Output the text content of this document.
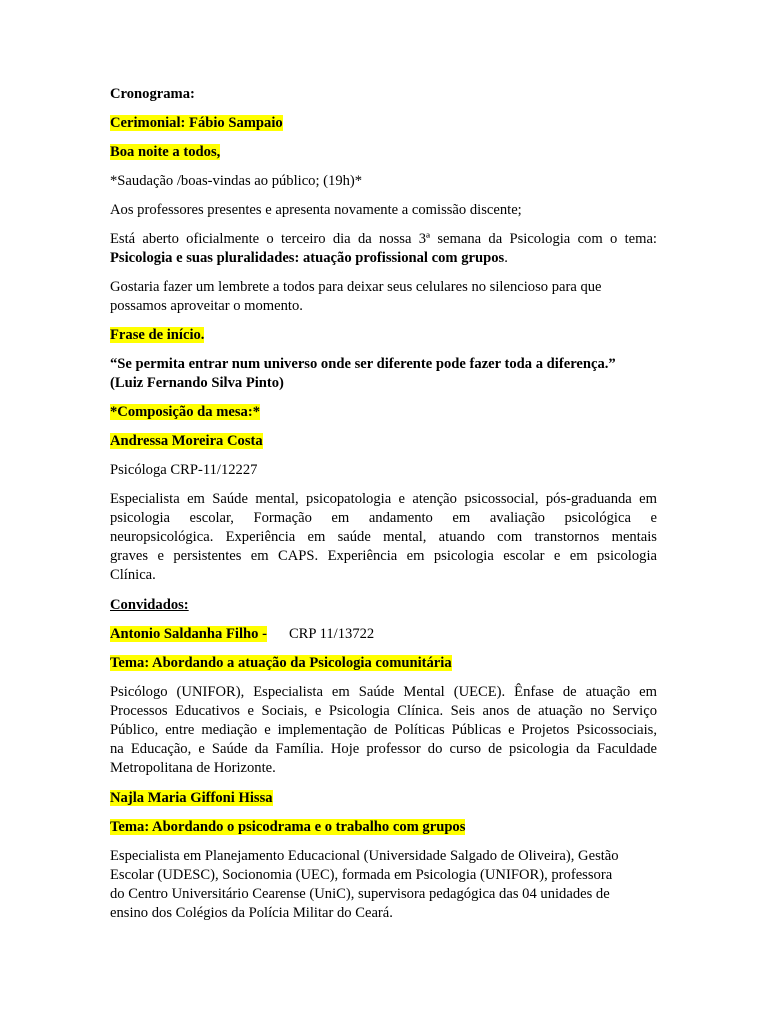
Cronograma:

Cerimonial: Fábio Sampaio

Boa noite a todos,

*Saudação /boas-vindas ao público; (19h)*

Aos professores presentes e apresenta novamente a comissão discente;

Está aberto oficialmente o terceiro dia da nossa 3ª semana da Psicologia com o tema:

Psicologia e suas pluralidades: atuação profissional com grupos.

Gostaria fazer um lembrete a todos para deixar seus celulares no silencioso para que

possamos aproveitar o momento.

Frase de início.

“Se permita entrar num universo onde ser diferente pode fazer toda a diferença.”

(Luiz Fernando Silva Pinto)

*Composição da mesa:*

Andressa Moreira Costa

Psicóloga CRP-11/12227

Especialista em Saúde mental, psicopatologia e atenção psicossocial, pós-graduanda em

psicologia escolar, Formação em andamento em avaliação psicológica e

neuropsicológica. Experiência em saúde mental, atuando com transtornos mentais

graves e persistentes em CAPS. Experiência em psicologia escolar e em psicologia

Clínica.

Convidados:

Antonio Saldanha Filho - CRP 11/13722

Tema: Abordando a atuação da Psicologia comunitária

Psicólogo (UNIFOR), Especialista em Saúde Mental (UECE). Ênfase de atuação em

Processos Educativos e Sociais, e Psicologia Clínica. Seis anos de atuação no Serviço

Público, entre mediação e implementação de Políticas Públicas e Projetos Psicossociais,

na Educação, e Saúde da Família. Hoje professor do curso de psicologia da Faculdade

Metropolitana de Horizonte.

Najla Maria Giffoni Hissa

Tema: Abordando o psicodrama e o trabalho com grupos

Especialista em Planejamento Educacional (Universidade Salgado de Oliveira), Gestão

Escolar (UDESC), Socionomia (UEC), formada em Psicologia (UNIFOR), professora

do Centro Universitário Cearense (UniC), supervisora pedagógica das 04 unidades de

ensino dos Colégios da Polícia Militar do Ceará.
